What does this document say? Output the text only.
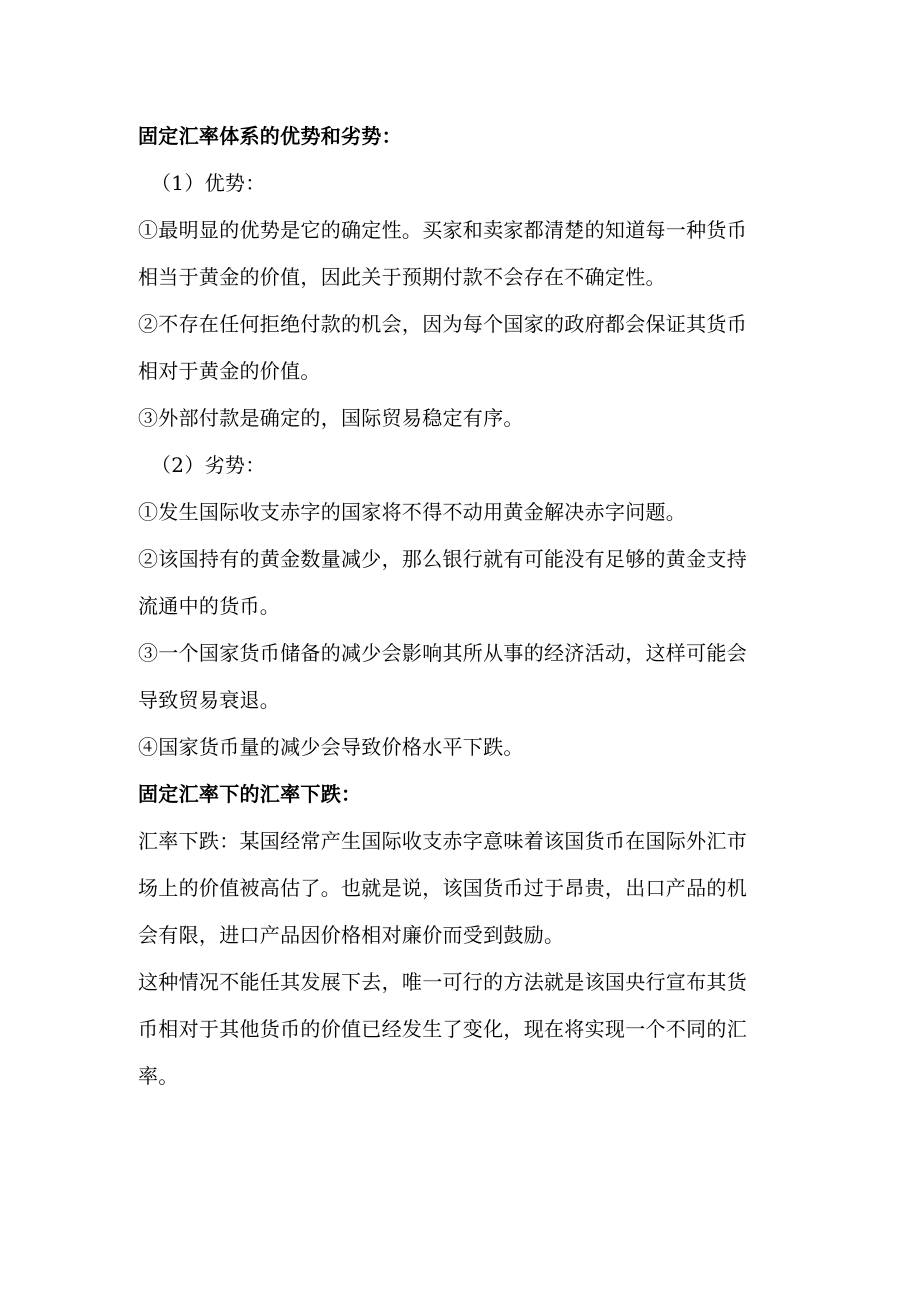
固定汇率体系的优势和劣势：
（1）优势：
①最明显的优势是它的确定性。买家和卖家都清楚的知道每一种货币
相当于黄金的价值，因此关于预期付款不会存在不确定性。
②不存在任何拒绝付款的机会，因为每个国家的政府都会保证其货币
相对于黄金的价值。
③外部付款是确定的，国际贸易稳定有序。
（2）劣势：
①发生国际收支赤字的国家将不得不动用黄金解决赤字问题。
②该国持有的黄金数量减少，那么银行就有可能没有足够的黄金支持
流通中的货币。
③一个国家货币储备的减少会影响其所从事的经济活动，这样可能会
导致贸易衰退。
④国家货币量的减少会导致价格水平下跌。
固定汇率下的汇率下跌：
汇率下跌：某国经常产生国际收支赤字意味着该国货币在国际外汇市
场上的价值被高估了。也就是说，该国货币过于昂贵，出口产品的机
会有限，进口产品因价格相对廉价而受到鼓励。
这种情况不能任其发展下去，唯一可行的方法就是该国央行宣布其货
币相对于其他货币的价值已经发生了变化，现在将实现一个不同的汇
率。
